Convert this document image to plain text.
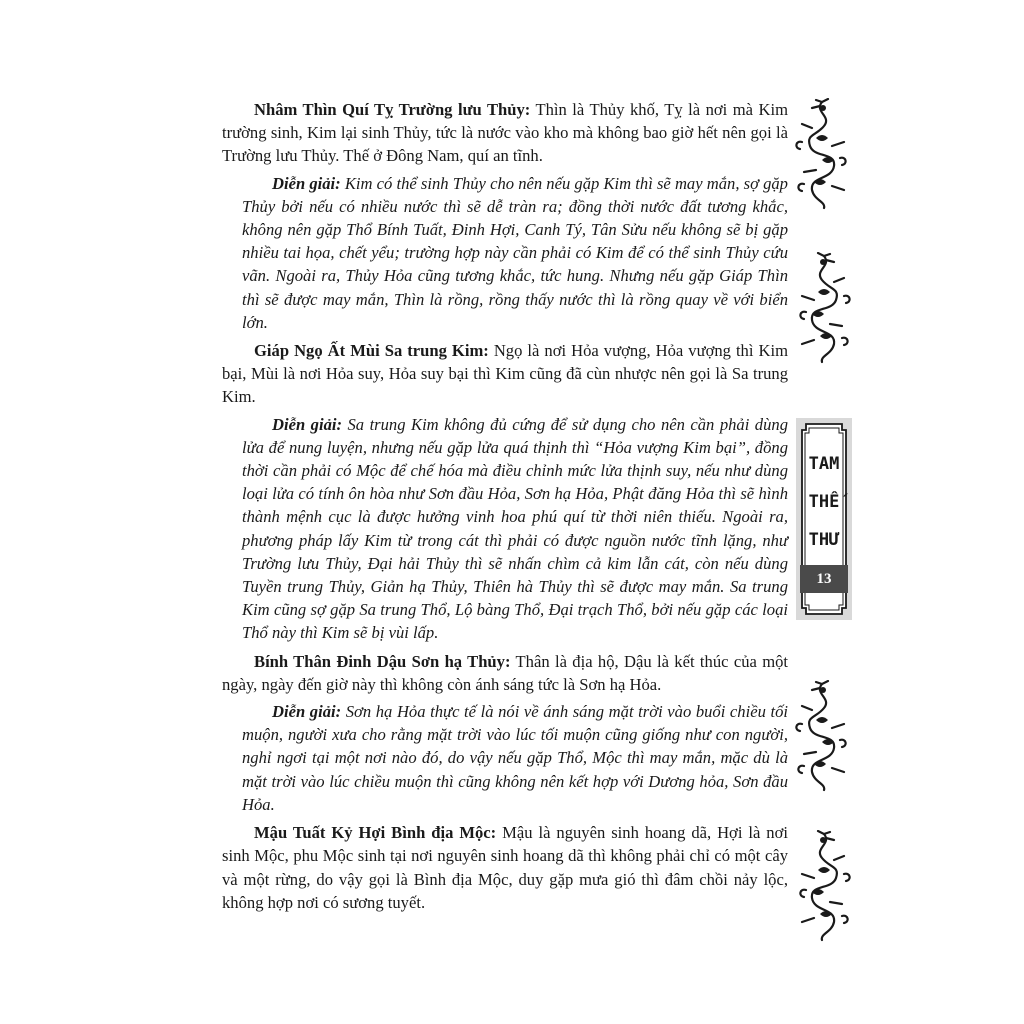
Nhâm Thìn Quí Tỵ Trường lưu Thủy: Thìn là Thủy khố, Tỵ là nơi mà Kim trường sinh, Kim lại sinh Thủy, tức là nước vào kho mà không bao giờ hết nên gọi là Trường lưu Thủy. Thế ở Đông Nam, quí an tĩnh.

Diễn giải: Kim có thể sinh Thủy cho nên nếu gặp Kim thì sẽ may mắn, sợ gặp Thủy bởi nếu có nhiều nước thì sẽ dễ tràn ra; đồng thời nước đất tương khắc, không nên gặp Thổ Bính Tuất, Đinh Hợi, Canh Tý, Tân Sửu nếu không sẽ bị gặp nhiều tai họa, chết yểu; trường hợp này cần phải có Kim để có thể sinh Thủy cứu vãn. Ngoài ra, Thủy Hỏa cũng tương khắc, tức hung. Nhưng nếu gặp Giáp Thìn thì sẽ được may mắn, Thìn là rồng, rồng thấy nước thì là rồng quay về với biển lớn.

Giáp Ngọ Ất Mùi Sa trung Kim: Ngọ là nơi Hỏa vượng, Hỏa vượng thì Kim bại, Mùi là nơi Hỏa suy, Hỏa suy bại thì Kim cũng đã cùn nhược nên gọi là Sa trung Kim.

Diễn giải: Sa trung Kim không đủ cứng để sử dụng cho nên cần phải dùng lửa để nung luyện, nhưng nếu gặp lửa quá thịnh thì “Hỏa vượng Kim bại”, đồng thời cần phải có Mộc để chế hóa mà điều chỉnh mức lửa thịnh suy, nếu như dùng loại lửa có tính ôn hòa như Sơn đầu Hỏa, Sơn hạ Hỏa, Phật đăng Hỏa thì sẽ hình thành mệnh cục là được hưởng vinh hoa phú quí từ thời niên thiếu. Ngoài ra, phương pháp lấy Kim từ trong cát thì phải có được nguồn nước tĩnh lặng, như Trường lưu Thủy, Đại hải Thủy thì sẽ nhấn chìm cả kim lẫn cát, còn nếu dùng Tuyền trung Thủy, Giản hạ Thủy, Thiên hà Thủy thì sẽ được may mắn. Sa trung Kim cũng sợ gặp Sa trung Thổ, Lộ bàng Thổ, Đại trạch Thổ, bởi nếu gặp các loại Thổ này thì Kim sẽ bị vùi lấp.

Bính Thân Đinh Dậu Sơn hạ Thủy: Thân là địa hộ, Dậu là kết thúc của một ngày, ngày đến giờ này thì không còn ánh sáng tức là Sơn hạ Hỏa.

Diễn giải: Sơn hạ Hỏa thực tế là nói về ánh sáng mặt trời vào buổi chiều tối muộn, người xưa cho rằng mặt trời vào lúc tối muộn cũng giống như con người, nghỉ ngơi tại một nơi nào đó, do vậy nếu gặp Thổ, Mộc thì may mắn, mặc dù là mặt trời vào lúc chiều muộn thì cũng không nên kết hợp với Dương hỏa, Sơn đầu Hỏa.

Mậu Tuất Kỷ Hợi Bình địa Mộc: Mậu là nguyên sinh hoang dã, Hợi là nơi sinh Mộc, phu Mộc sinh tại nơi nguyên sinh hoang dã thì không phải chỉ có một cây và một rừng, do vậy gọi là Bình địa Mộc, duy gặp mưa gió thì đâm chồi nảy lộc, không hợp nơi có sương tuyết.

TAM
THẾ
THƯ
13
